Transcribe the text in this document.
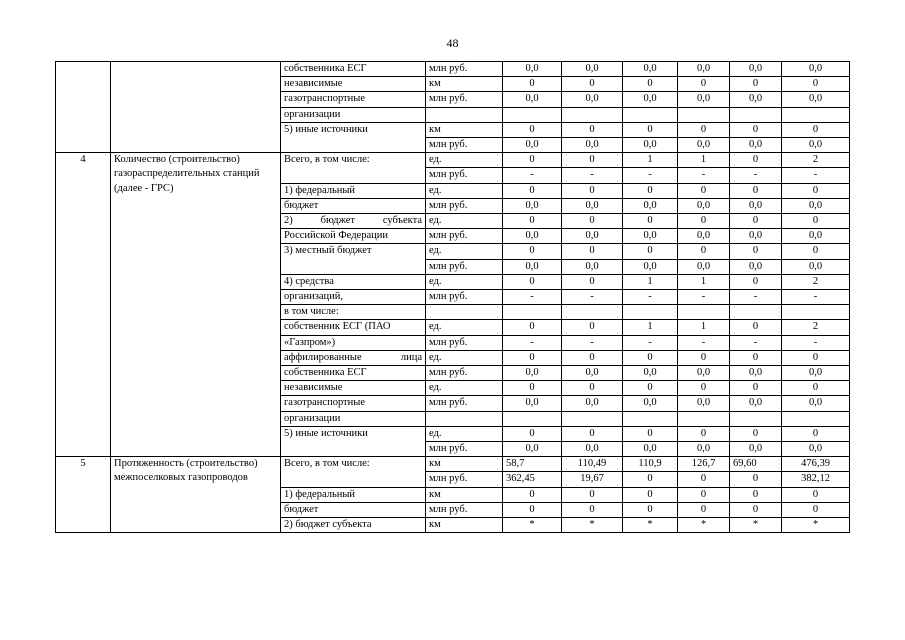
48
		собственника ЕСГ	млн руб.	0,0	0,0	0,0	0,0	0,0	0,0
		независимые	км	0	0	0	0	0	0
		газотранспортные	млн руб.	0,0	0,0	0,0	0,0	0,0	0,0
		организации							
		5) иные источники	км	0	0	0	0	0	0
			млн руб.	0,0	0,0	0,0	0,0	0,0	0,0
4	Количество (строительство) газораспределительных станций (далее - ГРС)	Всего, в том числе:	ед.	0	0	1	1	0	2
			млн руб.	-	-	-	-	-	-
		1) федеральный	ед.	0	0	0	0	0	0
		бюджет	млн руб.	0,0	0,0	0,0	0,0	0,0	0,0
		2) бюджет субъекта	ед.	0	0	0	0	0	0
		Российской Федерации	млн руб.	0,0	0,0	0,0	0,0	0,0	0,0
		3) местный бюджет	ед.	0	0	0	0	0	0
			млн руб.	0,0	0,0	0,0	0,0	0,0	0,0
		4) средства	ед.	0	0	1	1	0	2
		организаций,	млн руб.	-	-	-	-	-	-
		в том числе:							
		собственник ЕСГ (ПАО	ед.	0	0	1	1	0	2
		«Газпром»)	млн руб.	-	-	-	-	-	-
		аффилированные лица	ед.	0	0	0	0	0	0
		собственника ЕСГ	млн руб.	0,0	0,0	0,0	0,0	0,0	0,0
		независимые	ед.	0	0	0	0	0	0
		газотранспортные	млн руб.	0,0	0,0	0,0	0,0	0,0	0,0
		организации							
		5) иные источники	ед.	0	0	0	0	0	0
			млн руб.	0,0	0,0	0,0	0,0	0,0	0,0
5	Протяженность (строительство) межпоселковых газопроводов	Всего, в том числе:	км	58,7	110,49	110,9	126,7	69,60	476,39
			млн руб.	362,45	19,67	0	0	0	382,12
		1) федеральный	км	0	0	0	0	0	0
		бюджет	млн руб.	0	0	0	0	0	0
		2) бюджет субъекта	км	*	*	*	*	*	*
